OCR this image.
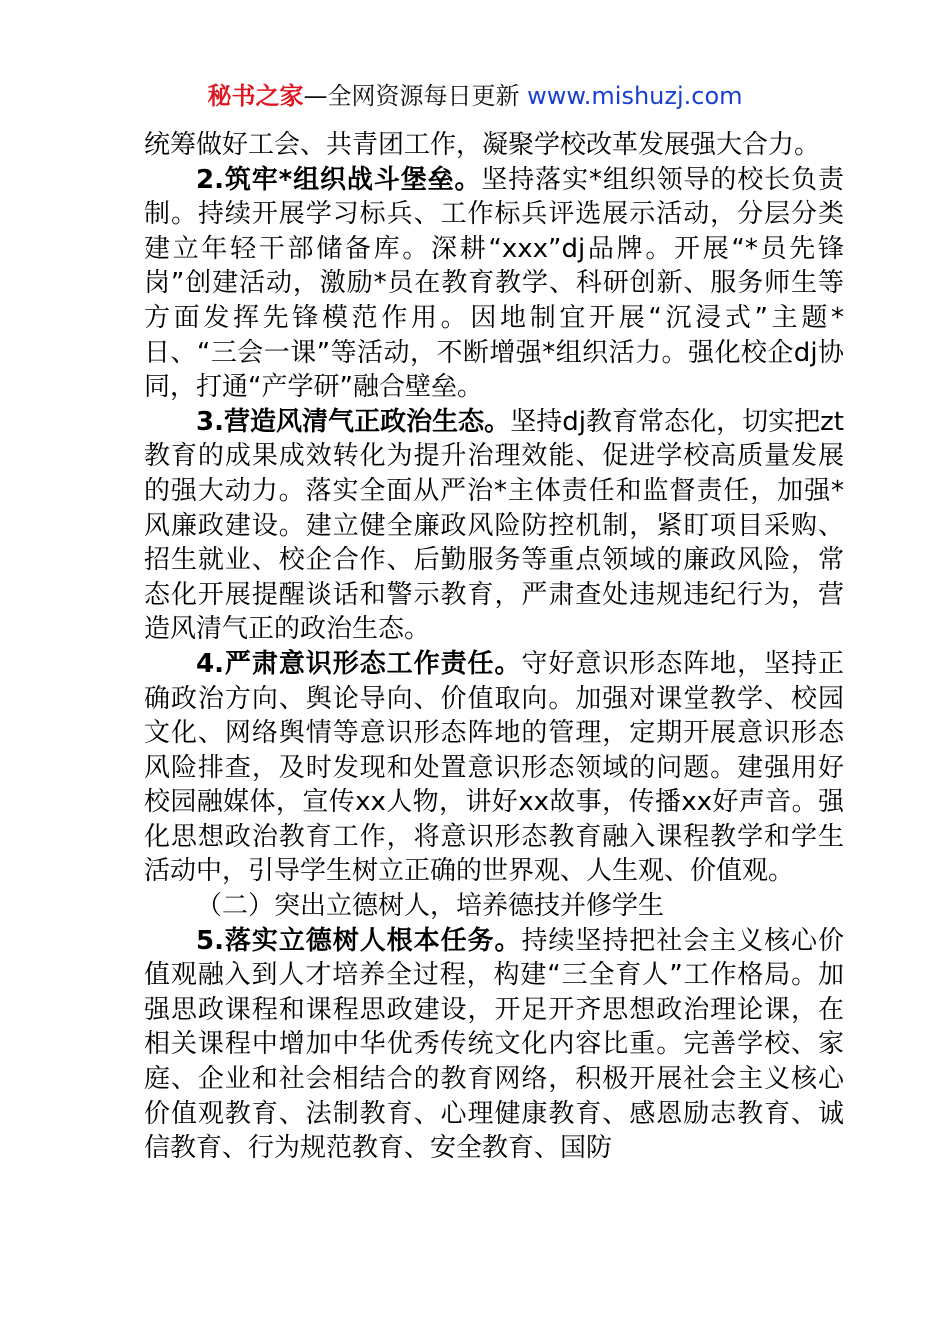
秘书之家—全网资源每日更新 www.mishuzj.com

统筹做好工会、共青团工作，凝聚学校改革发展强大合力。

2.筑牢*组织战斗堡垒。坚持落实*组织领导的校长负责制。持续开展学习标兵、工作标兵评选展示活动，分层分类建立年轻干部储备库。深耕“xxx”dj品牌。开展“*员先锋岗”创建活动，激励*员在教育教学、科研创新、服务师生等方面发挥先锋模范作用。因地制宜开展“沉浸式”主题*日、“三会一课”等活动，不断增强*组织活力。强化校企dj协同，打通“产学研”融合壁垒。

3.营造风清气正政治生态。坚持dj教育常态化，切实把zt教育的成果成效转化为提升治理效能、促进学校高质量发展的强大动力。落实全面从严治*主体责任和监督责任，加强*风廉政建设。建立健全廉政风险防控机制，紧盯项目采购、招生就业、校企合作、后勤服务等重点领域的廉政风险，常态化开展提醒谈话和警示教育，严肃查处违规违纪行为，营造风清气正的政治生态。

4.严肃意识形态工作责任。守好意识形态阵地，坚持正确政治方向、舆论导向、价值取向。加强对课堂教学、校园文化、网络舆情等意识形态阵地的管理，定期开展意识形态风险排查，及时发现和处置意识形态领域的问题。建强用好校园融媒体，宣传xx人物，讲好xx故事，传播xx好声音。强化思想政治教育工作，将意识形态教育融入课程教学和学生活动中，引导学生树立正确的世界观、人生观、价值观。

（二）突出立德树人，培养德技并修学生

5.落实立德树人根本任务。持续坚持把社会主义核心价值观融入到人才培养全过程，构建“三全育人”工作格局。加强思政课程和课程思政建设，开足开齐思想政治理论课，在相关课程中增加中华优秀传统文化内容比重。完善学校、家庭、企业和社会相结合的教育网络，积极开展社会主义核心价值观教育、法制教育、心理健康教育、感恩励志教育、诚信教育、行为规范教育、安全教育、国防
